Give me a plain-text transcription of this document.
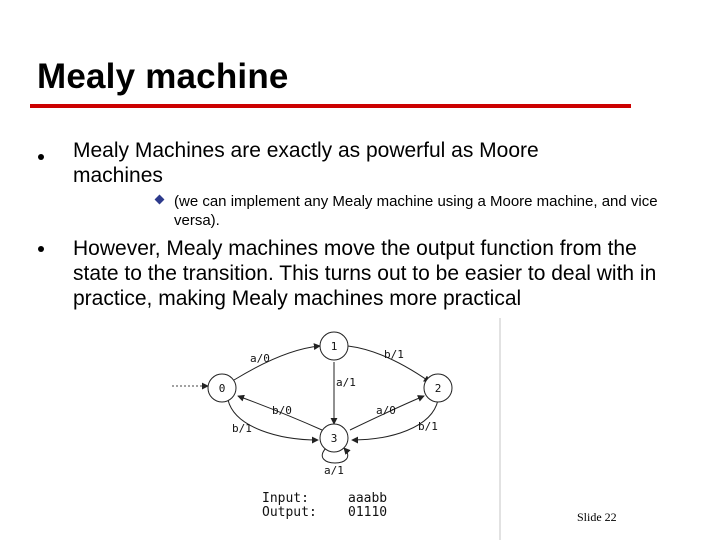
Mealy machine

Mealy Machines are exactly as powerful as Moore machines

(we can implement any Mealy machine using a Moore machine, and vice versa).

However, Mealy machines move the output function from the state to the transition. This turns out to be easier to deal with in practice, making Mealy machines more practical

0
1
2
3
a/0	b/1
a/1
b/0	a/0
b/1	b/1
a/1
Input:	aaabb
Output: 01110	Slide 22
